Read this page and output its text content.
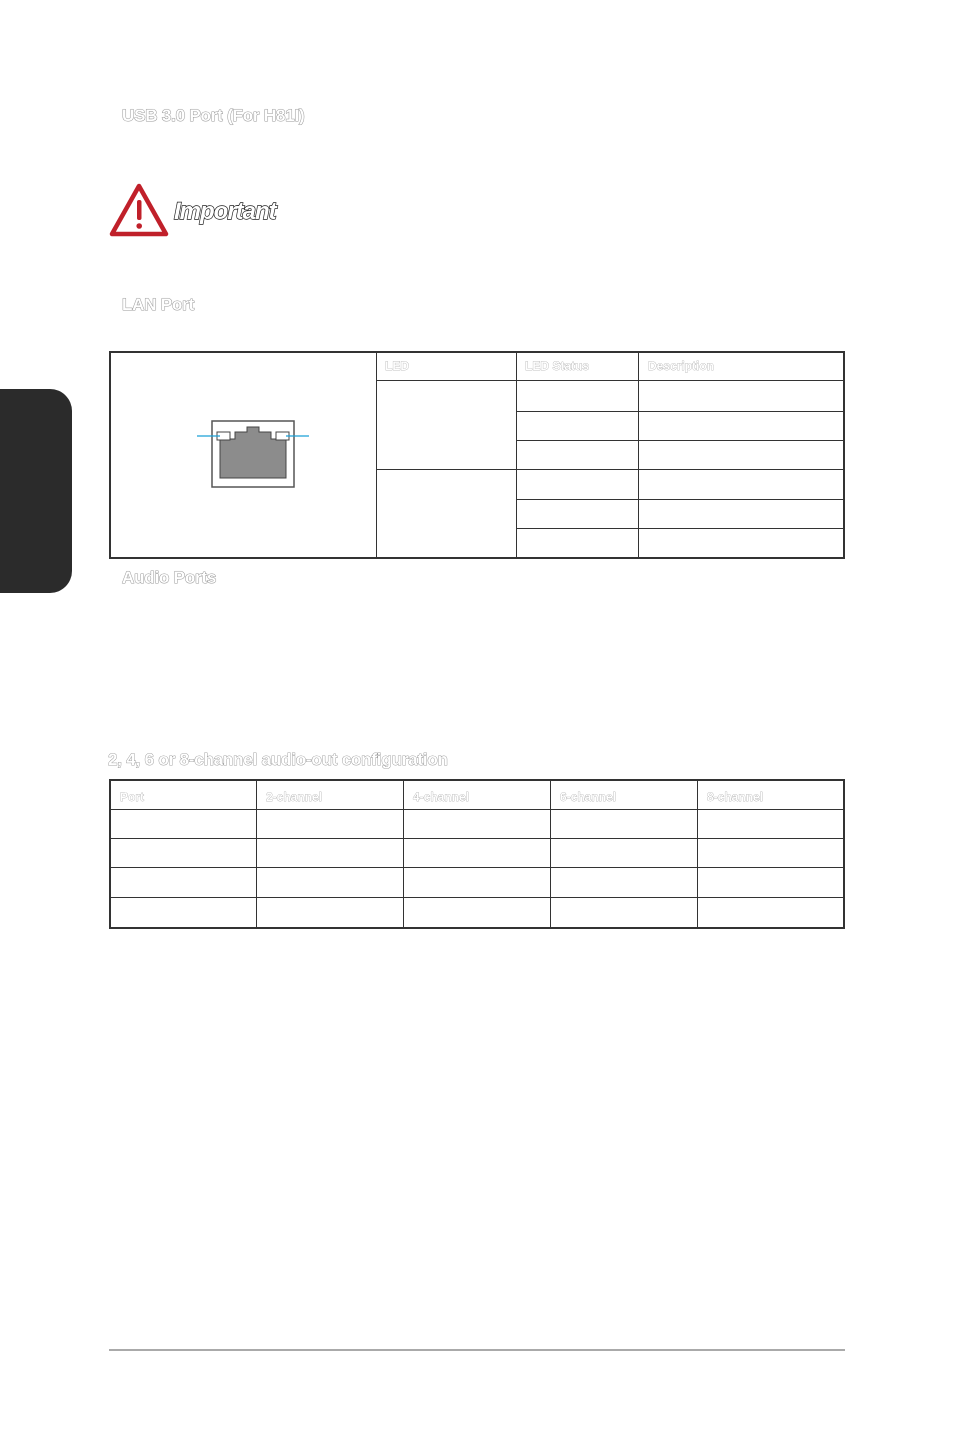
USB 3.0 Port (For H81I)
Important
LAN Port
LED	LED Status	Description
Audio Ports
2, 4, 6 or 8-channel audio-out configuration
Port	2-channel	4-channel	6-channel	8-channel
